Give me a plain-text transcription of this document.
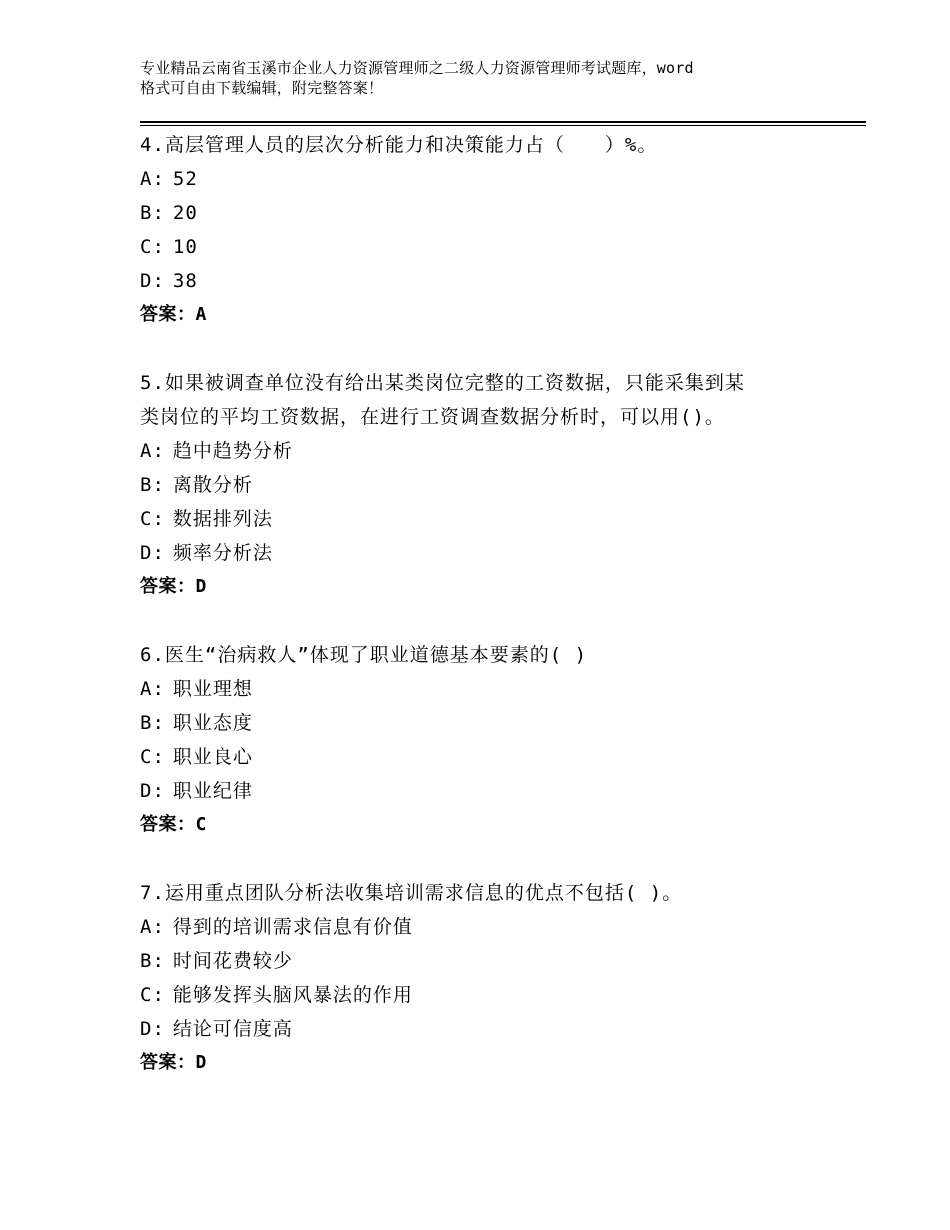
专业精品云南省玉溪市企业人力资源管理师之二级人力资源管理师考试题库，word
格式可自由下载编辑，附完整答案！
4.高层管理人员的层次分析能力和决策能力占（　　）%。
A: 52
B: 20
C: 10
D: 38
答案：A
5.如果被调查单位没有给出某类岗位完整的工资数据，只能采集到某
类岗位的平均工资数据，在进行工资调查数据分析时，可以用()。
A: 趋中趋势分析
B: 离散分析
C: 数据排列法
D: 频率分析法
答案：D
6.医生“治病救人”体现了职业道德基本要素的( )
A: 职业理想
B: 职业态度
C: 职业良心
D: 职业纪律
答案：C
7.运用重点团队分析法收集培训需求信息的优点不包括( )。
A: 得到的培训需求信息有价值
B: 时间花费较少
C: 能够发挥头脑风暴法的作用
D: 结论可信度高
答案：D
